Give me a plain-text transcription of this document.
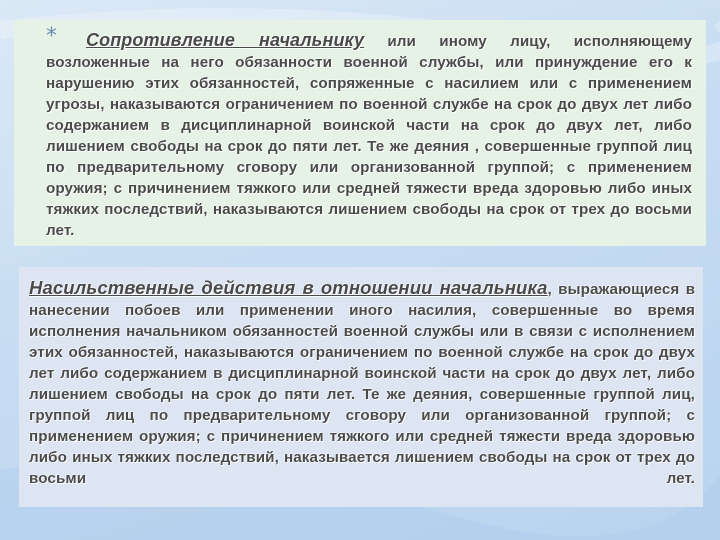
Сопротивление начальнику или иному лицу, исполняющему возложенные на него обязанности военной службы, или принуждение его к нарушению этих обязанностей, сопряженные с насилием или с применением угрозы, наказываются ограничением по военной службе на срок до двух лет либо содержанием в дисциплинарной воинской части на срок до двух лет, либо лишением свободы на срок до пяти лет. Те же деяния , совершенные группой лиц по предварительному сговору или организованной группой; с применением оружия; с причинением тяжкого или средней тяжести вреда здоровью либо иных тяжких последствий, наказываются лишением свободы на срок от трех до восьми лет.

*

Насильственные действия в отношении начальника, выражающиеся в нанесении побоев или применении иного насилия, совершенные во время исполнения начальником обязанностей военной службы или в связи с исполнением этих обязанностей, наказываются ограничением по военной службе на срок до двух лет либо содержанием в дисциплинарной воинской части на срок до двух лет, либо лишением свободы на срок до пяти лет. Те же деяния, совершенные группой лиц, группой лиц по предварительному сговору или организованной группой; с применением оружия; с причинением тяжкого или средней тяжести вреда здоровью либо иных тяжких последствий, наказывается лишением свободы на срок от трех до восьми лет.
